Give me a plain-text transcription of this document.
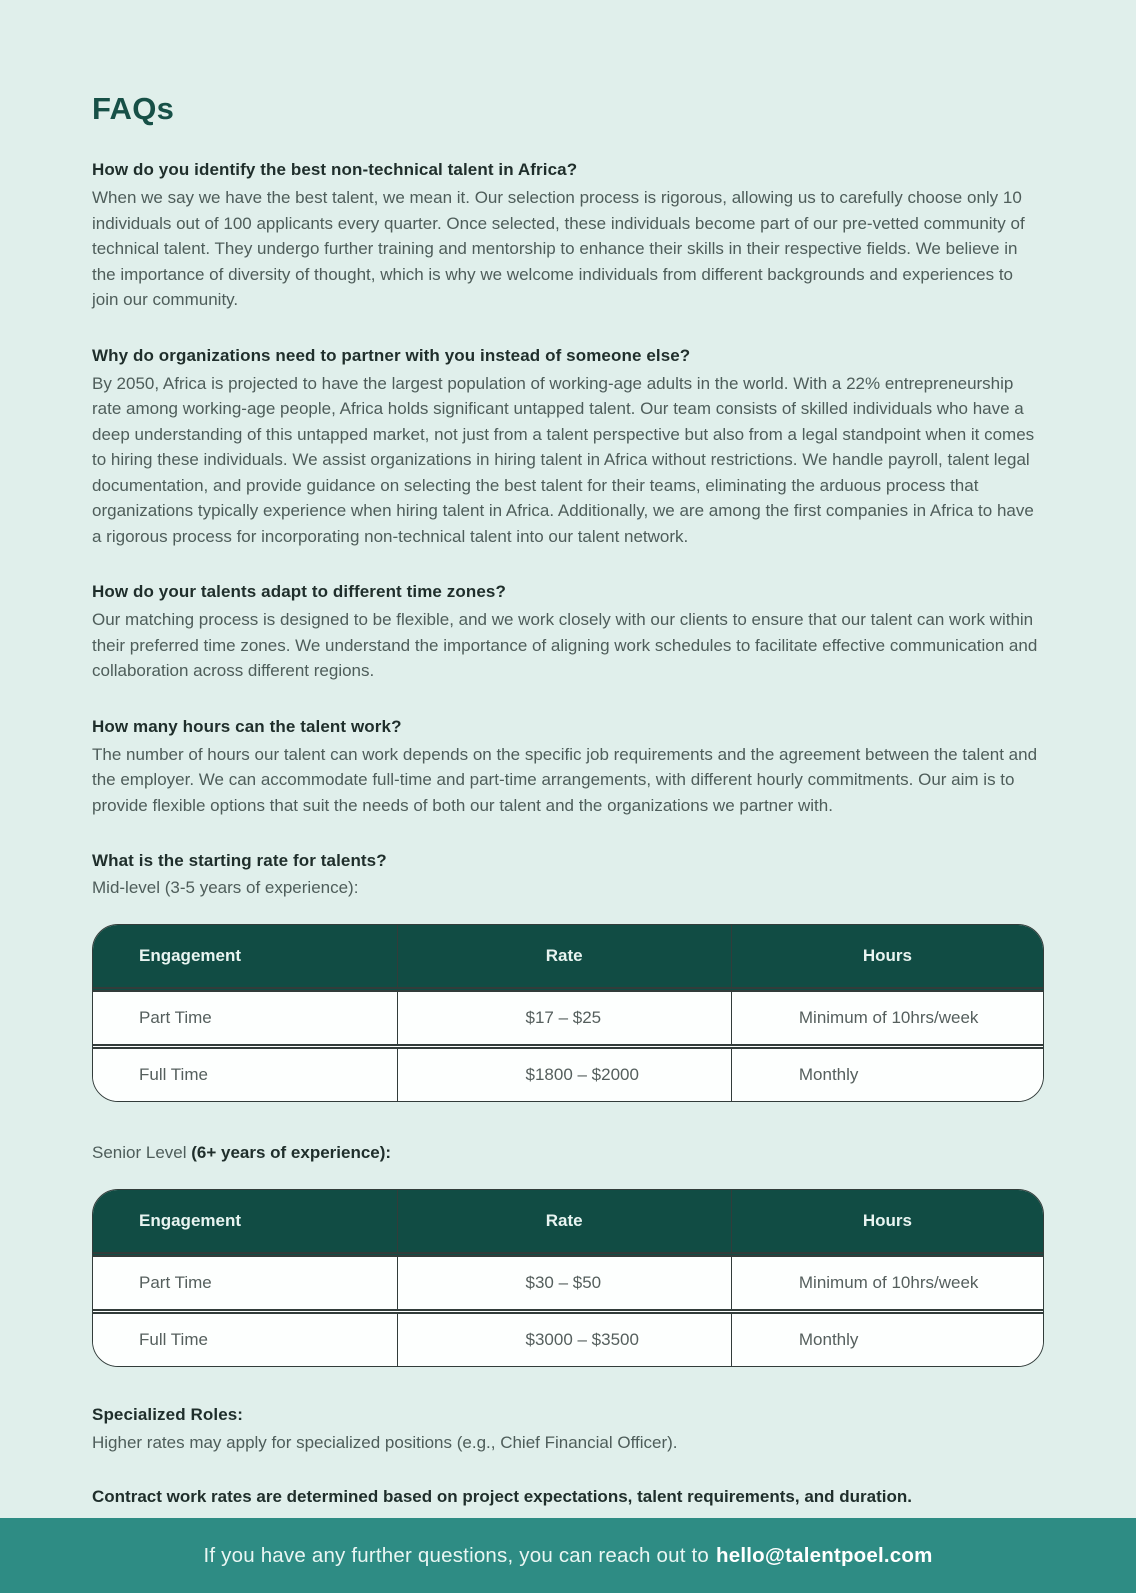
FAQs
How do you identify the best non-technical talent in Africa?

When we say we have the best talent, we mean it. Our selection process is rigorous, allowing us to carefully choose only 10 individuals out of 100 applicants every quarter. Once selected, these individuals become part of our pre-vetted community of technical talent. They undergo further training and mentorship to enhance their skills in their respective fields. We believe in the importance of diversity of thought, which is why we welcome individuals from different backgrounds and experiences to join our community.

Why do organizations need to partner with you instead of someone else?

By 2050, Africa is projected to have the largest population of working-age adults in the world. With a 22% entrepreneurship rate among working-age people, Africa holds significant untapped talent. Our team consists of skilled individuals who have a deep understanding of this untapped market, not just from a talent perspective but also from a legal standpoint when it comes to hiring these individuals. We assist organizations in hiring talent in Africa without restrictions. We handle payroll, talent legal documentation, and provide guidance on selecting the best talent for their teams, eliminating the arduous process that organizations typically experience when hiring talent in Africa. Additionally, we are among the first companies in Africa to have a rigorous process for incorporating non-technical talent into our talent network.

How do your talents adapt to different time zones?

Our matching process is designed to be flexible, and we work closely with our clients to ensure that our talent can work within their preferred time zones. We understand the importance of aligning work schedules to facilitate effective communication and collaboration across different regions.

How many hours can the talent work?

The number of hours our talent can work depends on the specific job requirements and the agreement between the talent and the employer. We can accommodate full-time and part-time arrangements, with different hourly commitments. Our aim is to provide flexible options that suit the needs of both our talent and the organizations we partner with.

What is the starting rate for talents?

Mid-level (3-5 years of experience):

Engagement	Rate	Hours
Part Time	$17 – $25	Minimum of 10hrs/week
Full Time	$1800 – $2000	Monthly

Senior Level (6+ years of experience):

Engagement	Rate	Hours
Part Time	$30 – $50	Minimum of 10hrs/week
Full Time	$3000 – $3500	Monthly
Specialized Roles:

Higher rates may apply for specialized positions (e.g., Chief Financial Officer).

Contract work rates are determined based on project expectations, talent requirements, and duration.

If you have any further questions, you can reach out to hello@talentpoel.com
